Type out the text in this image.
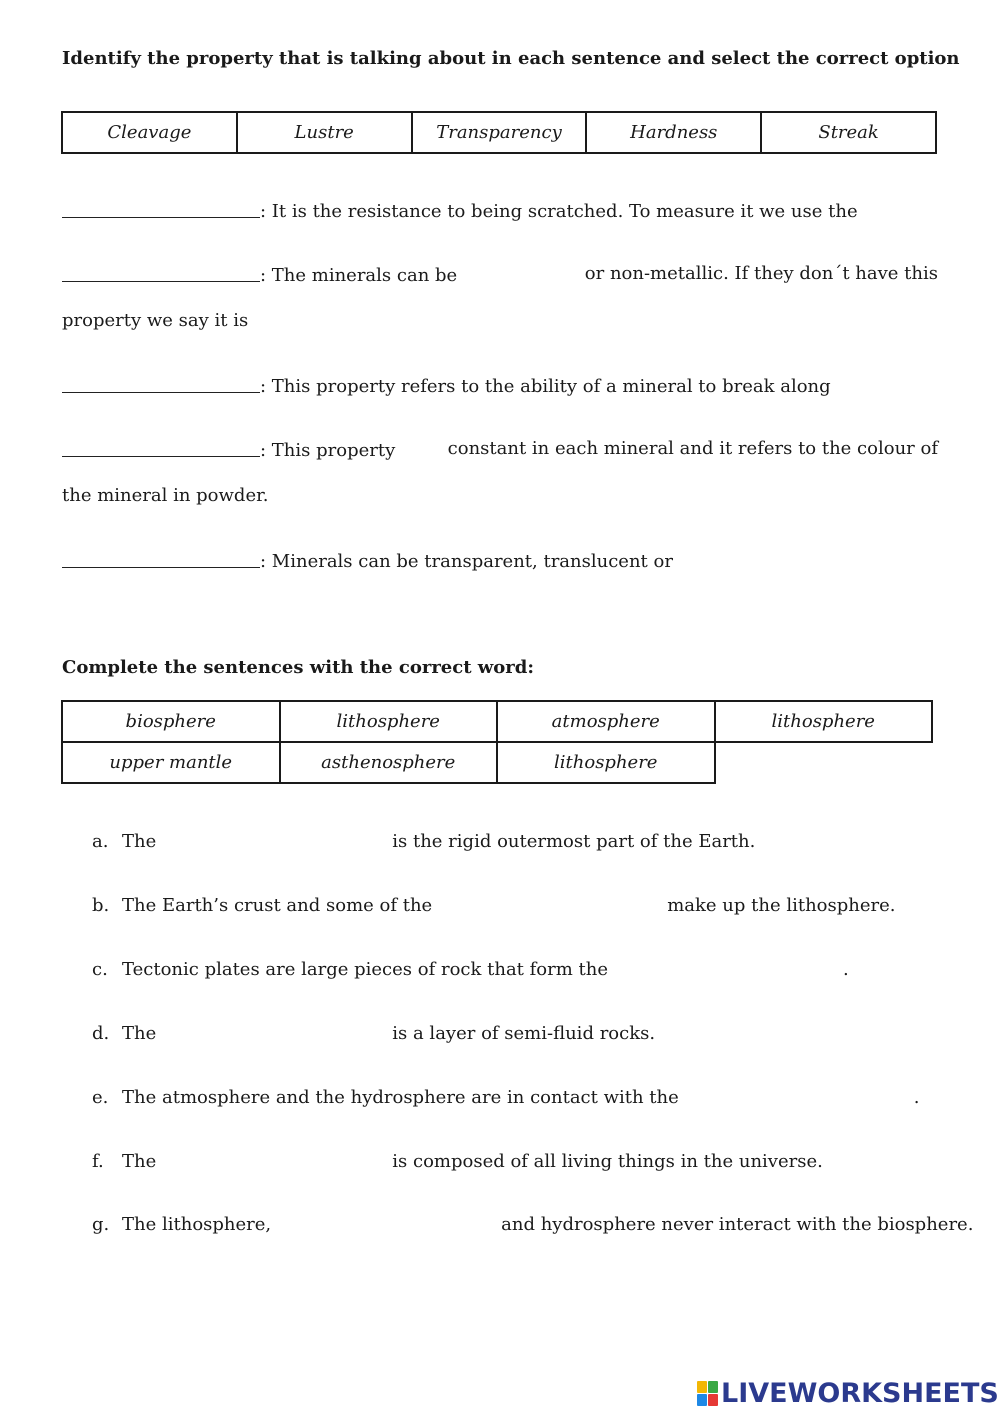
Identify the property that is talking about in each sentence and select the correct option
Cleavage	Lustre	Transparency	Hardness	Streak
: It is the resistance to being scratched. To measure it we use the
: The minerals can be	or non-metallic. If they don´t have this
property we say it is
: This property refers to the ability of a mineral to break along
: This property	constant in each mineral and it refers to the colour of
the mineral in powder.
: Minerals can be transparent, translucent or
Complete the sentences with the correct word:
biosphere	lithosphere	atmosphere	lithosphere
upper mantle	asthenosphere	lithosphere	
a. The	is the rigid outermost part of the Earth.
b. The Earth’s crust and some of the	make up the lithosphere.
c. Tectonic plates are large pieces of rock that form the	.
d. The	is a layer of semi-fluid rocks.
e. The atmosphere and the hydrosphere are in contact with the	.
f. The	is composed of all living things in the universe.
g. The lithosphere,	and hydrosphere never interact with the biosphere.
LIVEWORKSHEETS
